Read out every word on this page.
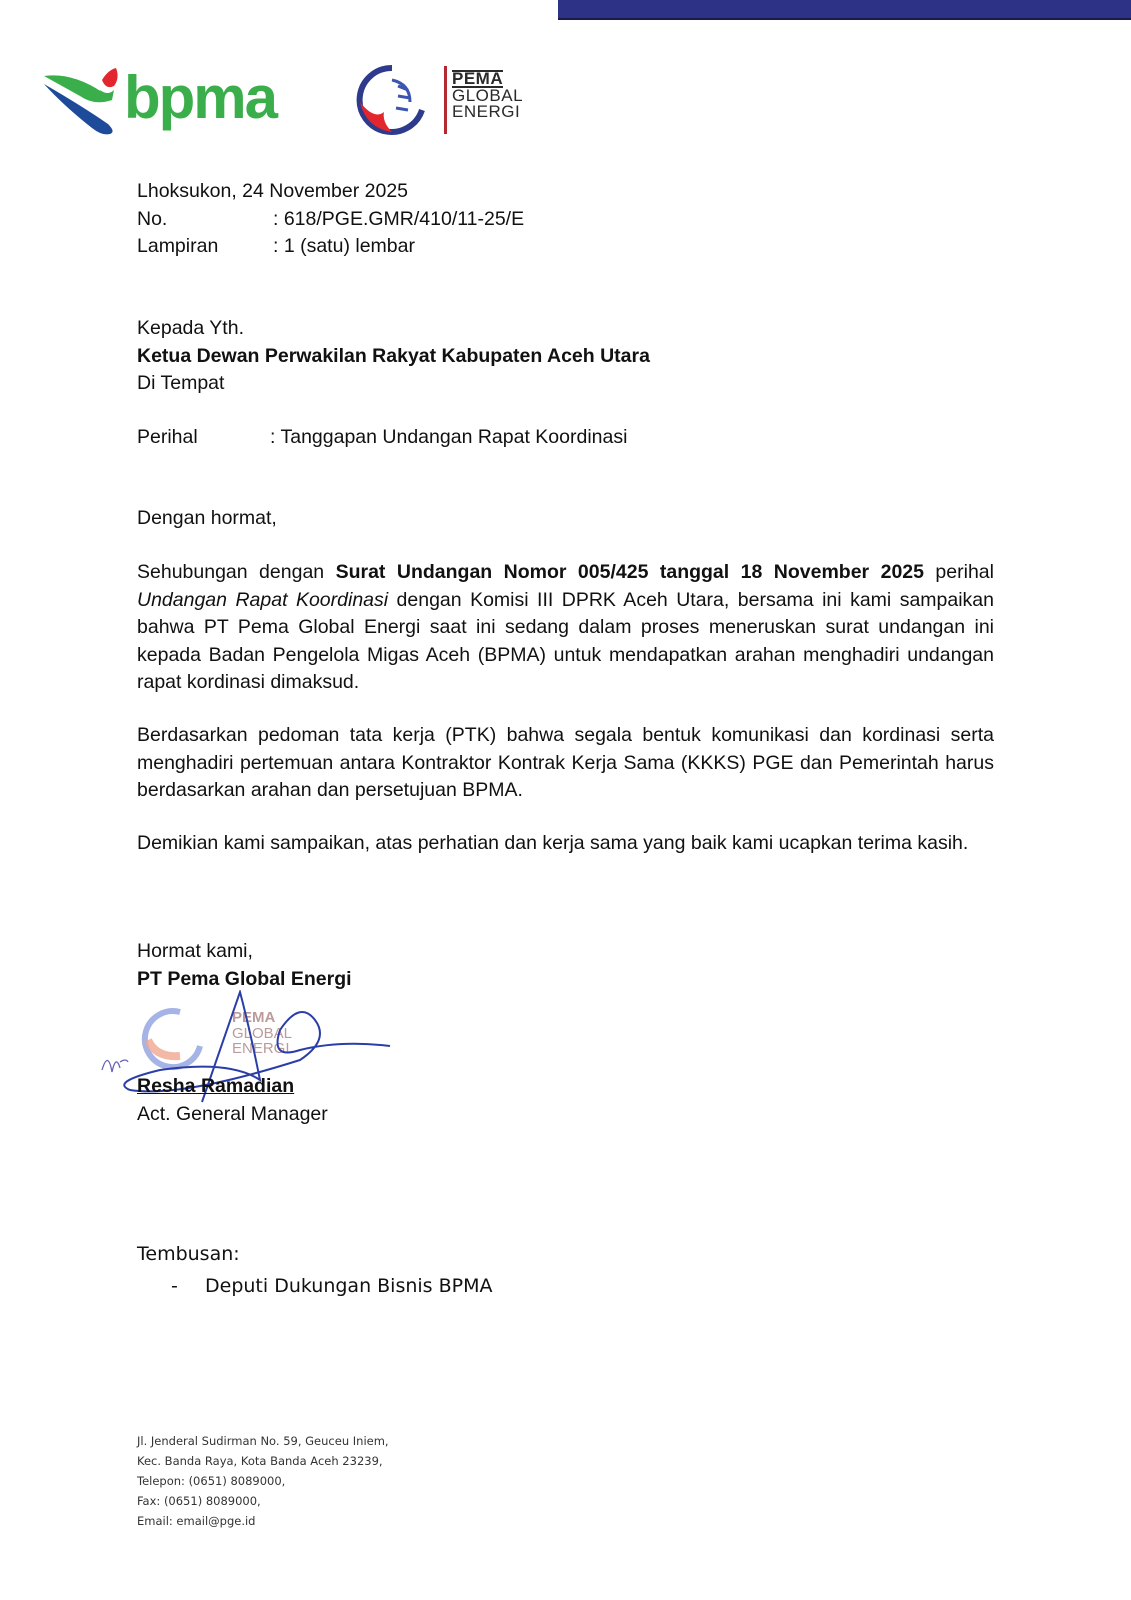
bpma	PEMA
GLOBAL
ENERGI
Lhoksukon, 24 November 2025
No.	: 618/PGE.GMR/410/11-25/E
Lampiran	: 1 (satu) lembar
Kepada Yth.
Ketua Dewan Perwakilan Rakyat Kabupaten Aceh Utara
Di Tempat
Perihal	: Tanggapan Undangan Rapat Koordinasi
Dengan hormat,
Sehubungan dengan Surat Undangan Nomor 005/425 tanggal 18 November 2025 perihal Undangan Rapat Koordinasi dengan Komisi III DPRK Aceh Utara, bersama ini kami sampaikan bahwa PT Pema Global Energi saat ini sedang dalam proses meneruskan surat undangan ini kepada Badan Pengelola Migas Aceh (BPMA) untuk mendapatkan arahan menghadiri undangan rapat kordinasi dimaksud.
Berdasarkan pedoman tata kerja (PTK) bahwa segala bentuk komunikasi dan kordinasi serta menghadiri pertemuan antara Kontraktor Kontrak Kerja Sama (KKKS) PGE dan Pemerintah harus berdasarkan arahan dan persetujuan BPMA.
Demikian kami sampaikan, atas perhatian dan kerja sama yang baik kami ucapkan terima kasih.
Hormat kami,
PT Pema Global Energi
PEMA
GLOBAL
ENERGI
Resha Ramadian
Act. General Manager
Tembusan:
-	Deputi Dukungan Bisnis BPMA
Jl. Jenderal Sudirman No. 59, Geuceu Iniem,
Kec. Banda Raya, Kota Banda Aceh 23239,
Telepon: (0651) 8089000,
Fax: (0651) 8089000,
Email: email@pge.id
